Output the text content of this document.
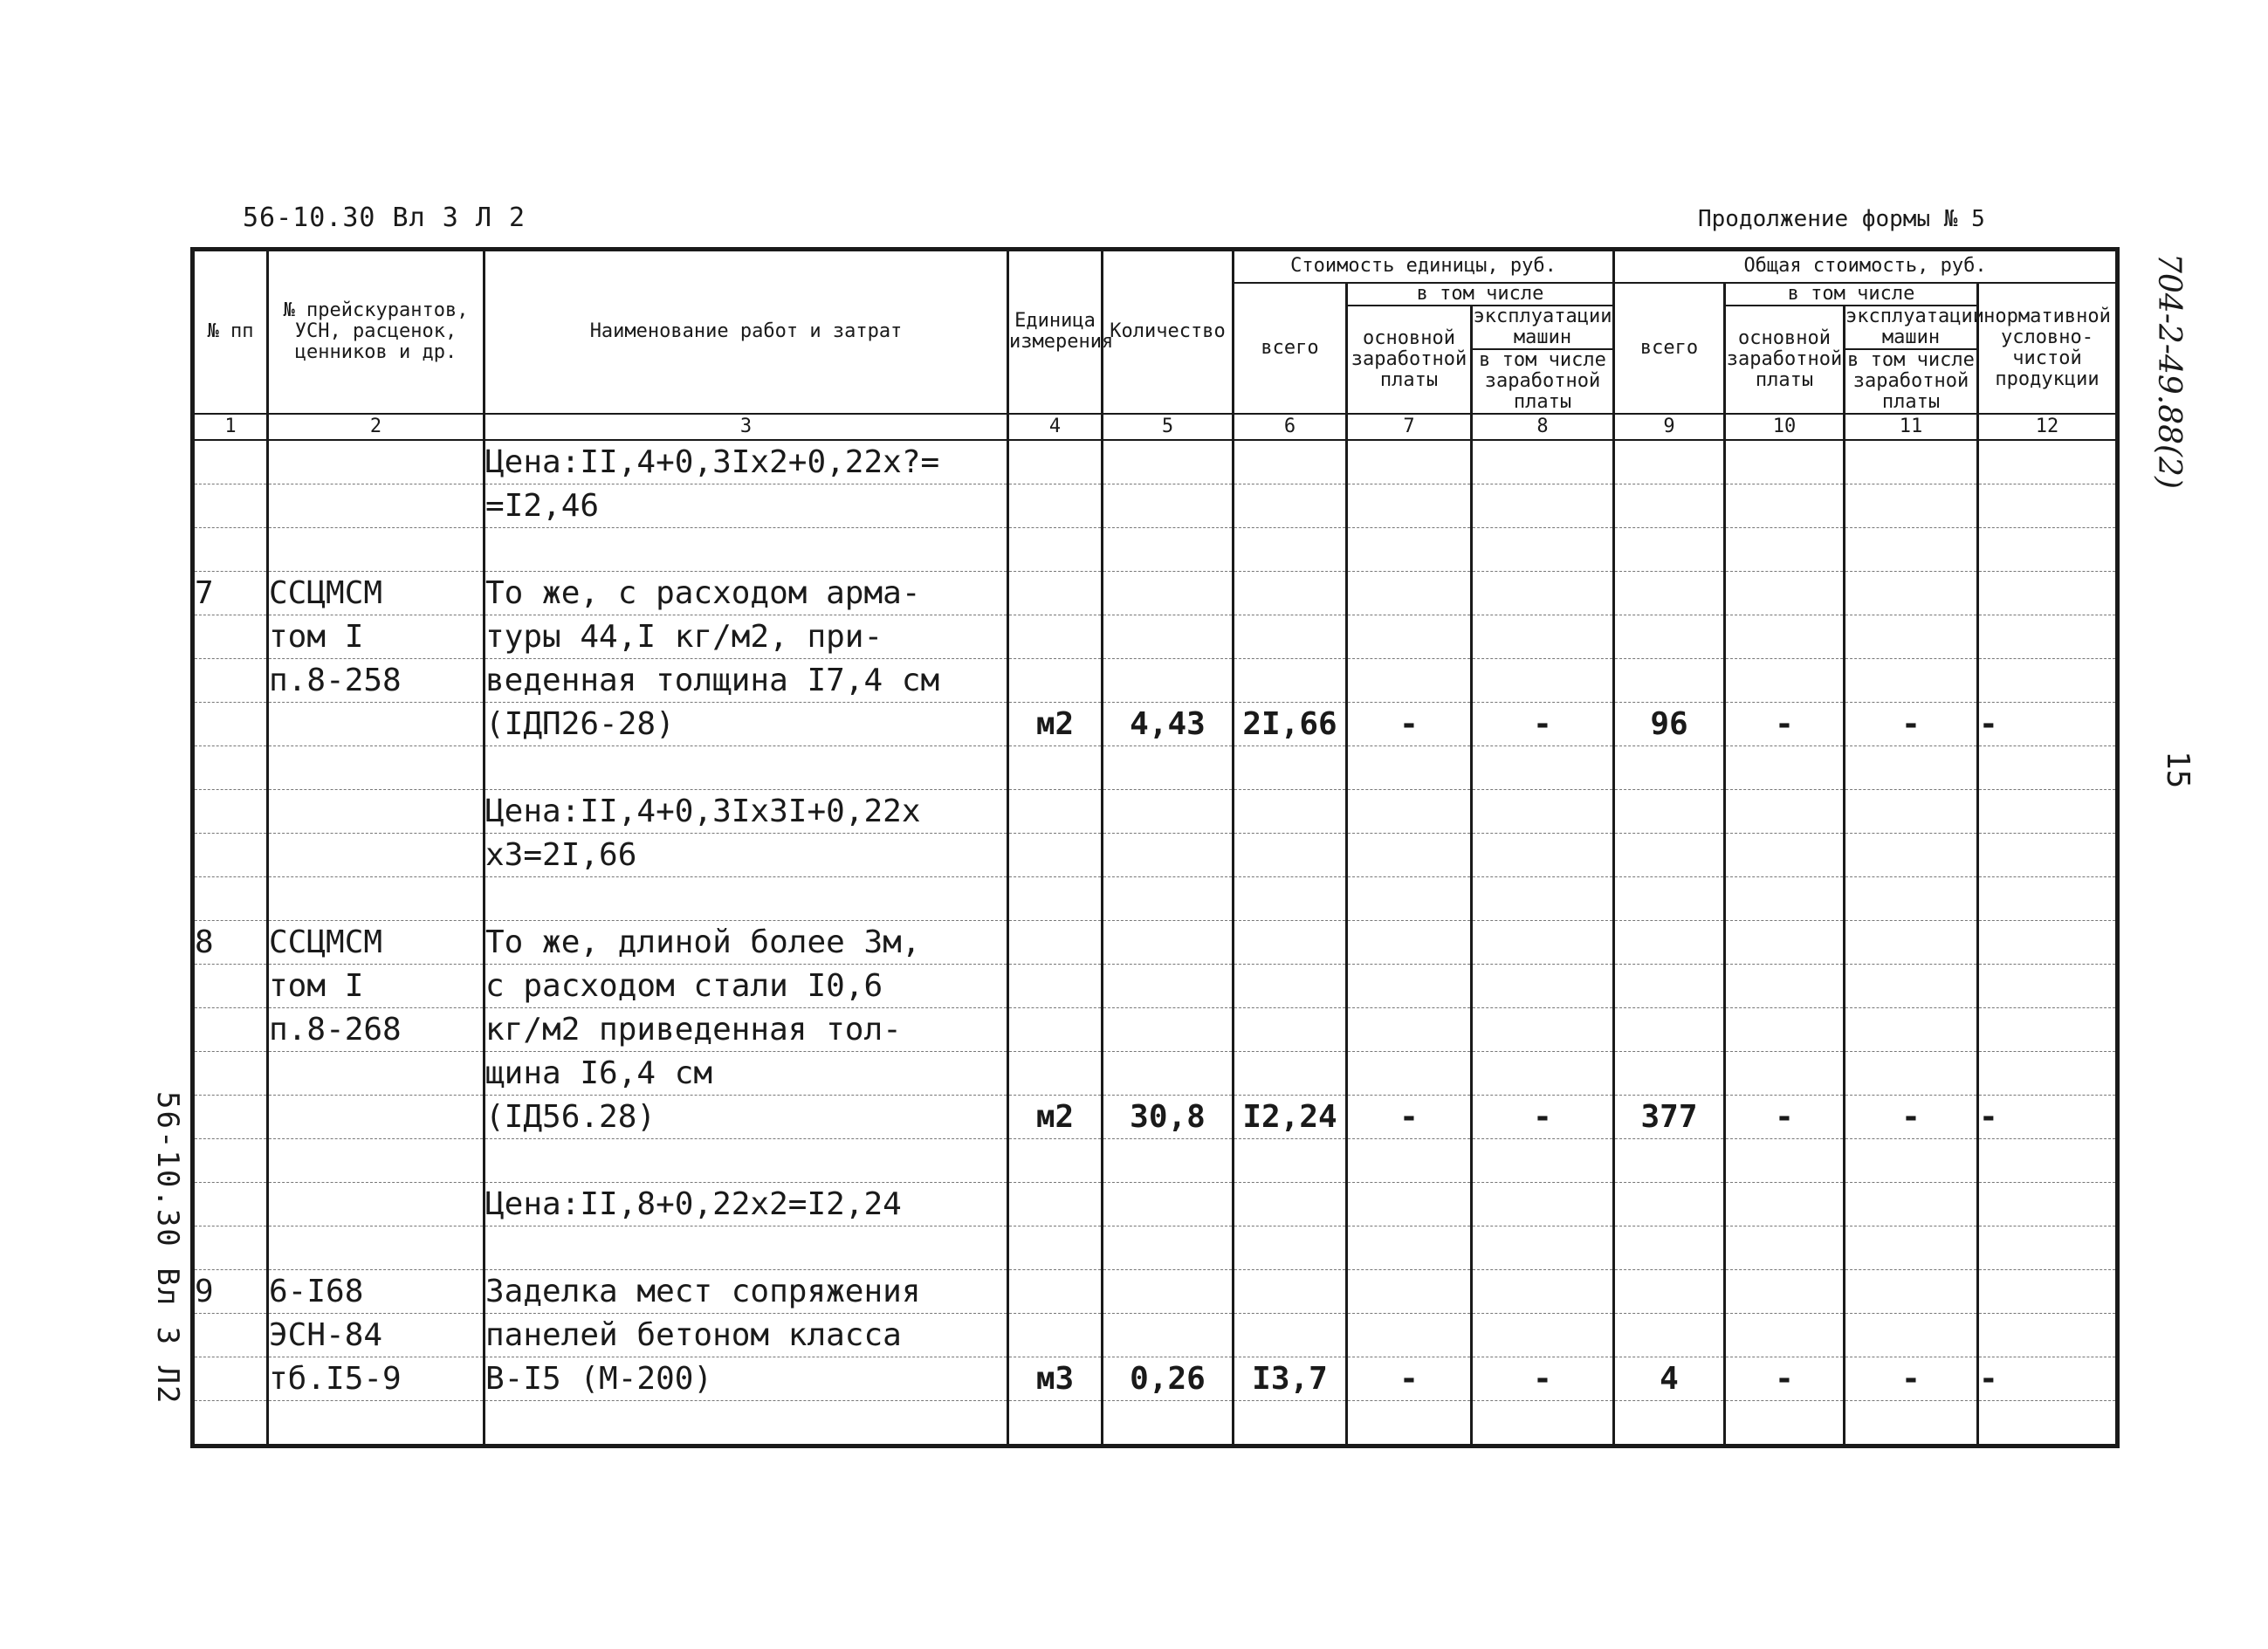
56-10.30 Вл 3 Л 2	Продолжение формы № 5
704-2-49.88(2)
15
56-10.30 Вл 3 Л2
№ пп	№ прейскурантов, УСН, расценок, ценников и др.	Наименование работ и затрат	Единица измерения	Количество	Стоимость единицы, руб.			Общая стоимость, руб.			
					всего	в том числе		всего	в том числе		нормативной условно-чистой продукции
						основной заработной платы	эксплуатации машин		основной заработной платы	эксплуатации машин	
							в том числе заработной платы			в том числе заработной платы	
1	2	3	4	5	6	7	8	9	10	11	12
		Цена:II,4+0,3Iх2+0,22х?=									
		=I2,46									

7	ССЦМСМ	То же, с расходом арма-									
	том I	туры 44,I кг/м2, при-									
	п.8-258	веденная толщина I7,4 см									
		(IДП26-28)	м2	4,43	2I,66	-	-	96	-	-	-

		Цена:II,4+0,3Iх3I+0,22х									
		х3=2I,66									

8	ССЦМСМ	То же, длиной более 3м,									
	том I	с расходом стали I0,6									
	п.8-268	кг/м2 приведенная тол-									
		щина I6,4 см									
		(IД56.28)	м2	30,8	I2,24	-	-	377	-	-	-

		Цена:II,8+0,22х2=I2,24									

9	6-I68	Заделка мест сопряжения									
	ЭСН-84	панелей бетоном класса									
	тб.I5-9	В-I5 (М-200)	м3	0,26	I3,7	-	-	4	-	-	-
